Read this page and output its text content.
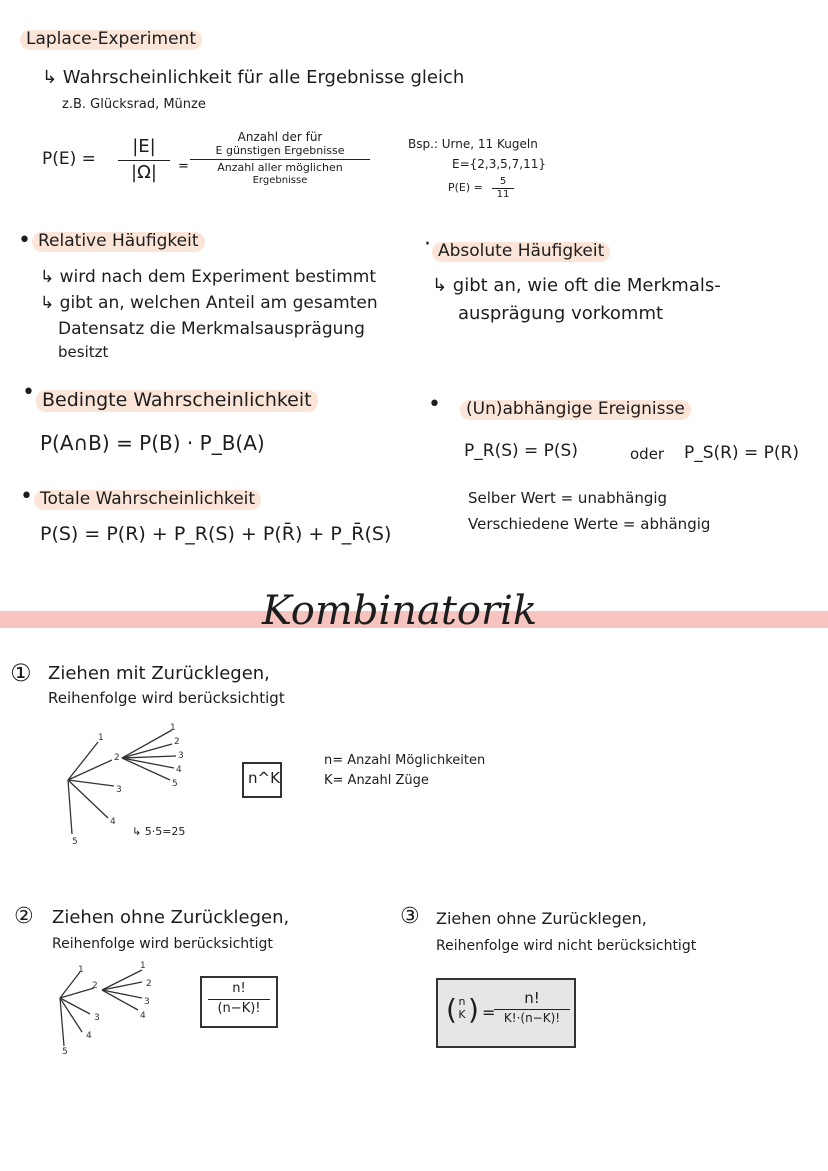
Laplace-Experiment
↳ Wahrscheinlichkeit für alle Ergebnisse gleich
z.B. Glücksrad, Münze
P(E) =
|E|
|Ω|	=
Anzahl der für
E günstigen Ergebnisse
Anzahl aller möglichen
Ergebnisse
Bsp.: Urne, 11 Kugeln
E={2,3,5,7,11}
P(E) =	5
11
• Relative Häufigkeit
↳ wird nach dem Experiment bestimmt
↳ gibt an, welchen Anteil am gesamten
Datensatz die Merkmalsausprägung
besitzt
· Absolute Häufigkeit
↳ gibt an, wie oft die Merkmals-
ausprägung vorkommt
• Bedingte Wahrscheinlichkeit
P(A∩B) = P(B) · P_B(A)
•	(Un)abhängige Ereignisse
P_R(S) = P(S)	oder P_S(R) = P(R)
Selber Wert = unabhängig
Verschiedene Werte = abhängig
• Totale Wahrscheinlichkeit
P(S) = P(R) + P_R(S) + P(R̄) + P_R̄(S)
Kombinatorik
① Ziehen mit Zurücklegen,
Reihenfolge wird berücksichtigt
1
2
3
4
5
1
2
3
4
5
↳ 5·5=25
n^K
n= Anzahl Möglichkeiten
K= Anzahl Züge
② Ziehen ohne Zurücklegen,
Reihenfolge wird berücksichtigt
1
2
3
4
5
1
2
3
4
n!
(n−K)!
③ Ziehen ohne Zurücklegen,
Reihenfolge wird nicht berücksichtigt
( n
K ) =
n!
K!·(n−K)!
